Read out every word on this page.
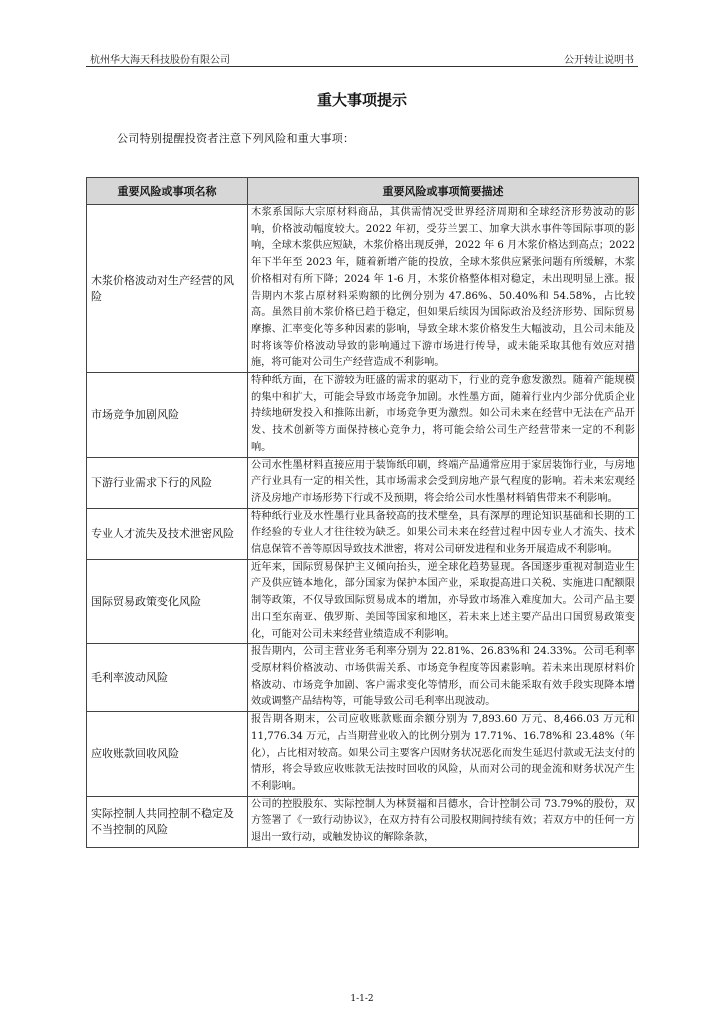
杭州华大海天科技股份有限公司	公开转让说明书
重大事项提示
公司特别提醒投资者注意下列风险和重大事项：
重要风险或事项名称	重要风险或事项简要描述
木浆价格波动对生产经营的风险	木浆系国际大宗原材料商品，其供需情况受世界经济周期和全球经济形势波动的影响，价格波动幅度较大。2022 年初，受芬兰罢工、加拿大洪水事件等国际事项的影响，全球木浆供应短缺，木浆价格出现反弹，2022 年 6 月木浆价格达到高点；2022 年下半年至 2023 年，随着新增产能的投放，全球木浆供应紧张问题有所缓解，木浆价格相对有所下降；2024 年 1-6 月，木浆价格整体相对稳定，未出现明显上涨。报告期内木浆占原材料采购额的比例分别为 47.86%、50.40%和 54.58%，占比较高。虽然目前木浆价格已趋于稳定，但如果后续因为国际政治及经济形势、国际贸易摩擦、汇率变化等多种因素的影响，导致全球木浆价格发生大幅波动，且公司未能及时将该等价格波动导致的影响通过下游市场进行传导，或未能采取其他有效应对措施，将可能对公司生产经营造成不利影响。
市场竞争加剧风险	特种纸方面，在下游较为旺盛的需求的驱动下，行业的竞争愈发激烈。随着产能规模的集中和扩大，可能会导致市场竞争加剧。水性墨方面，随着行业内少部分优质企业持续地研发投入和推陈出新，市场竞争更为激烈。如公司未来在经营中无法在产品开发、技术创新等方面保持核心竞争力，将可能会给公司生产经营带来一定的不利影响。
下游行业需求下行的风险	公司水性墨材料直接应用于装饰纸印刷，终端产品通常应用于家居装饰行业，与房地产行业具有一定的相关性，其市场需求会受到房地产景气程度的影响。若未来宏观经济及房地产市场形势下行或不及预期，将会给公司水性墨材料销售带来不利影响。
专业人才流失及技术泄密风险	特种纸行业及水性墨行业具备较高的技术壁垒，具有深厚的理论知识基础和长期的工作经验的专业人才往往较为缺乏。如果公司未来在经营过程中因专业人才流失、技术信息保管不善等原因导致技术泄密，将对公司研发进程和业务开展造成不利影响。
国际贸易政策变化风险	近年来，国际贸易保护主义倾向抬头，逆全球化趋势显现。各国逐步重视对制造业生产及供应链本地化，部分国家为保护本国产业，采取提高进口关税、实施进口配额限制等政策，不仅导致国际贸易成本的增加，亦导致市场准入难度加大。公司产品主要出口至东南亚、俄罗斯、美国等国家和地区，若未来上述主要产品出口国贸易政策变化，可能对公司未来经营业绩造成不利影响。
毛利率波动风险	报告期内，公司主营业务毛利率分别为 22.81%、26.83%和 24.33%。公司毛利率受原材料价格波动、市场供需关系、市场竞争程度等因素影响。若未来出现原材料价格波动、市场竞争加剧、客户需求变化等情形，而公司未能采取有效手段实现降本增效或调整产品结构等，可能导致公司毛利率出现波动。
应收账款回收风险	报告期各期末，公司应收账款账面余额分别为 7,893.60 万元、8,466.03 万元和 11,776.34 万元，占当期营业收入的比例分别为 17.71%、16.78%和 23.48%（年化），占比相对较高。如果公司主要客户因财务状况恶化而发生延迟付款或无法支付的情形，将会导致应收账款无法按时回收的风险，从而对公司的现金流和财务状况产生不利影响。
实际控制人共同控制不稳定及不当控制的风险	公司的控股股东、实际控制人为林贤福和吕德水，合计控制公司 73.79%的股份，双方签署了《一致行动协议》，在双方持有公司股权期间持续有效；若双方中的任何一方退出一致行动，或触发协议的解除条款，
1-1-2
